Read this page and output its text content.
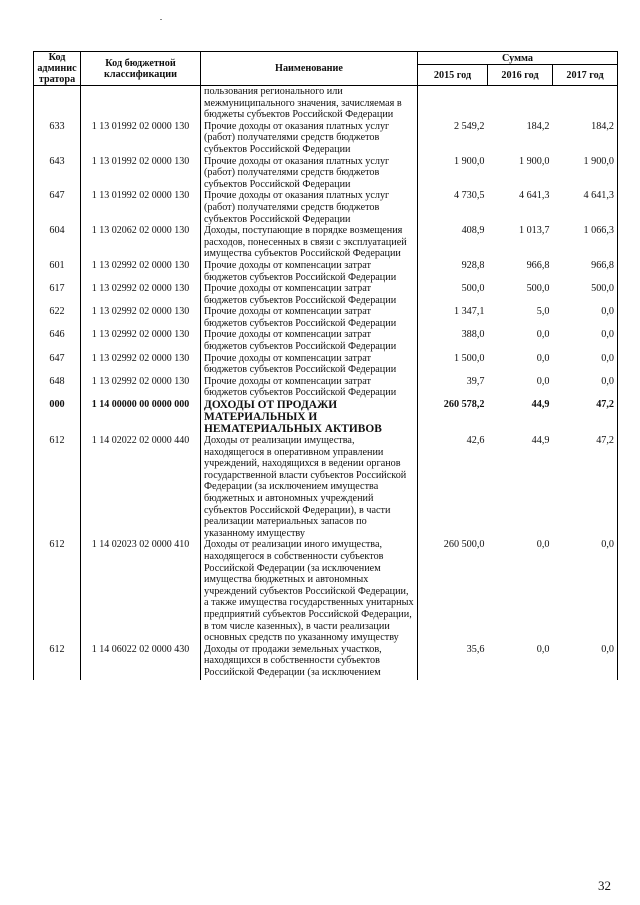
Код админис тратора	Код бюджетной классификации	Наименование	Сумма		
			2015 год	2016 год	2017 год
		пользования регионального или межмуниципального значения, зачисляемая в бюджеты субъектов Российской Федерации			
633	1 13 01992 02 0000 130	Прочие доходы от оказания платных услуг (работ) получателями средств бюджетов субъектов Российской Федерации	2 549,2	184,2	184,2
643	1 13 01992 02 0000 130	Прочие доходы от оказания платных услуг (работ) получателями средств бюджетов субъектов Российской Федерации	1 900,0	1 900,0	1 900,0
647	1 13 01992 02 0000 130	Прочие доходы от оказания платных услуг (работ) получателями средств бюджетов субъектов Российской Федерации	4 730,5	4 641,3	4 641,3
604	1 13 02062 02 0000 130	Доходы, поступающие в порядке возмещения расходов, понесенных в связи с эксплуатацией имущества субъектов Российской Федерации	408,9	1 013,7	1 066,3
601	1 13 02992 02 0000 130	Прочие доходы от компенсации затрат бюджетов субъектов Российской Федерации	928,8	966,8	966,8
617	1 13 02992 02 0000 130	Прочие доходы от компенсации затрат бюджетов субъектов Российской Федерации	500,0	500,0	500,0
622	1 13 02992 02 0000 130	Прочие доходы от компенсации затрат бюджетов субъектов Российской Федерации	1 347,1	5,0	0,0
646	1 13 02992 02 0000 130	Прочие доходы от компенсации затрат бюджетов субъектов Российской Федерации	388,0	0,0	0,0
647	1 13 02992 02 0000 130	Прочие доходы от компенсации затрат бюджетов субъектов Российской Федерации	1 500,0	0,0	0,0
648	1 13 02992 02 0000 130	Прочие доходы от компенсации затрат бюджетов субъектов Российской Федерации	39,7	0,0	0,0
000	1 14 00000 00 0000 000	ДОХОДЫ ОТ ПРОДАЖИ МАТЕРИАЛЬНЫХ И НЕМАТЕРИАЛЬНЫХ АКТИВОВ	260 578,2	44,9	47,2
612	1 14 02022 02 0000 440	Доходы от реализации имущества, находящегося в оперативном управлении учреждений, находящихся в ведении органов государственной власти субъектов Российской Федерации (за исключением имущества бюджетных и автономных учреждений субъектов Российской Федерации), в части реализации материальных запасов по указанному имуществу	42,6	44,9	47,2
612	1 14 02023 02 0000 410	Доходы от реализации иного имущества, находящегося в собственности субъектов Российской Федерации (за исключением имущества бюджетных и автономных учреждений субъектов Российской Федерации, а также имущества государственных унитарных предприятий субъектов Российской Федерации, в том числе казенных), в части реализации основных средств по указанному имуществу	260 500,0	0,0	0,0
612	1 14 06022 02 0000 430	Доходы от продажи земельных участков, находящихся в собственности субъектов Российской Федерации (за исключением	35,6	0,0	0,0
32
